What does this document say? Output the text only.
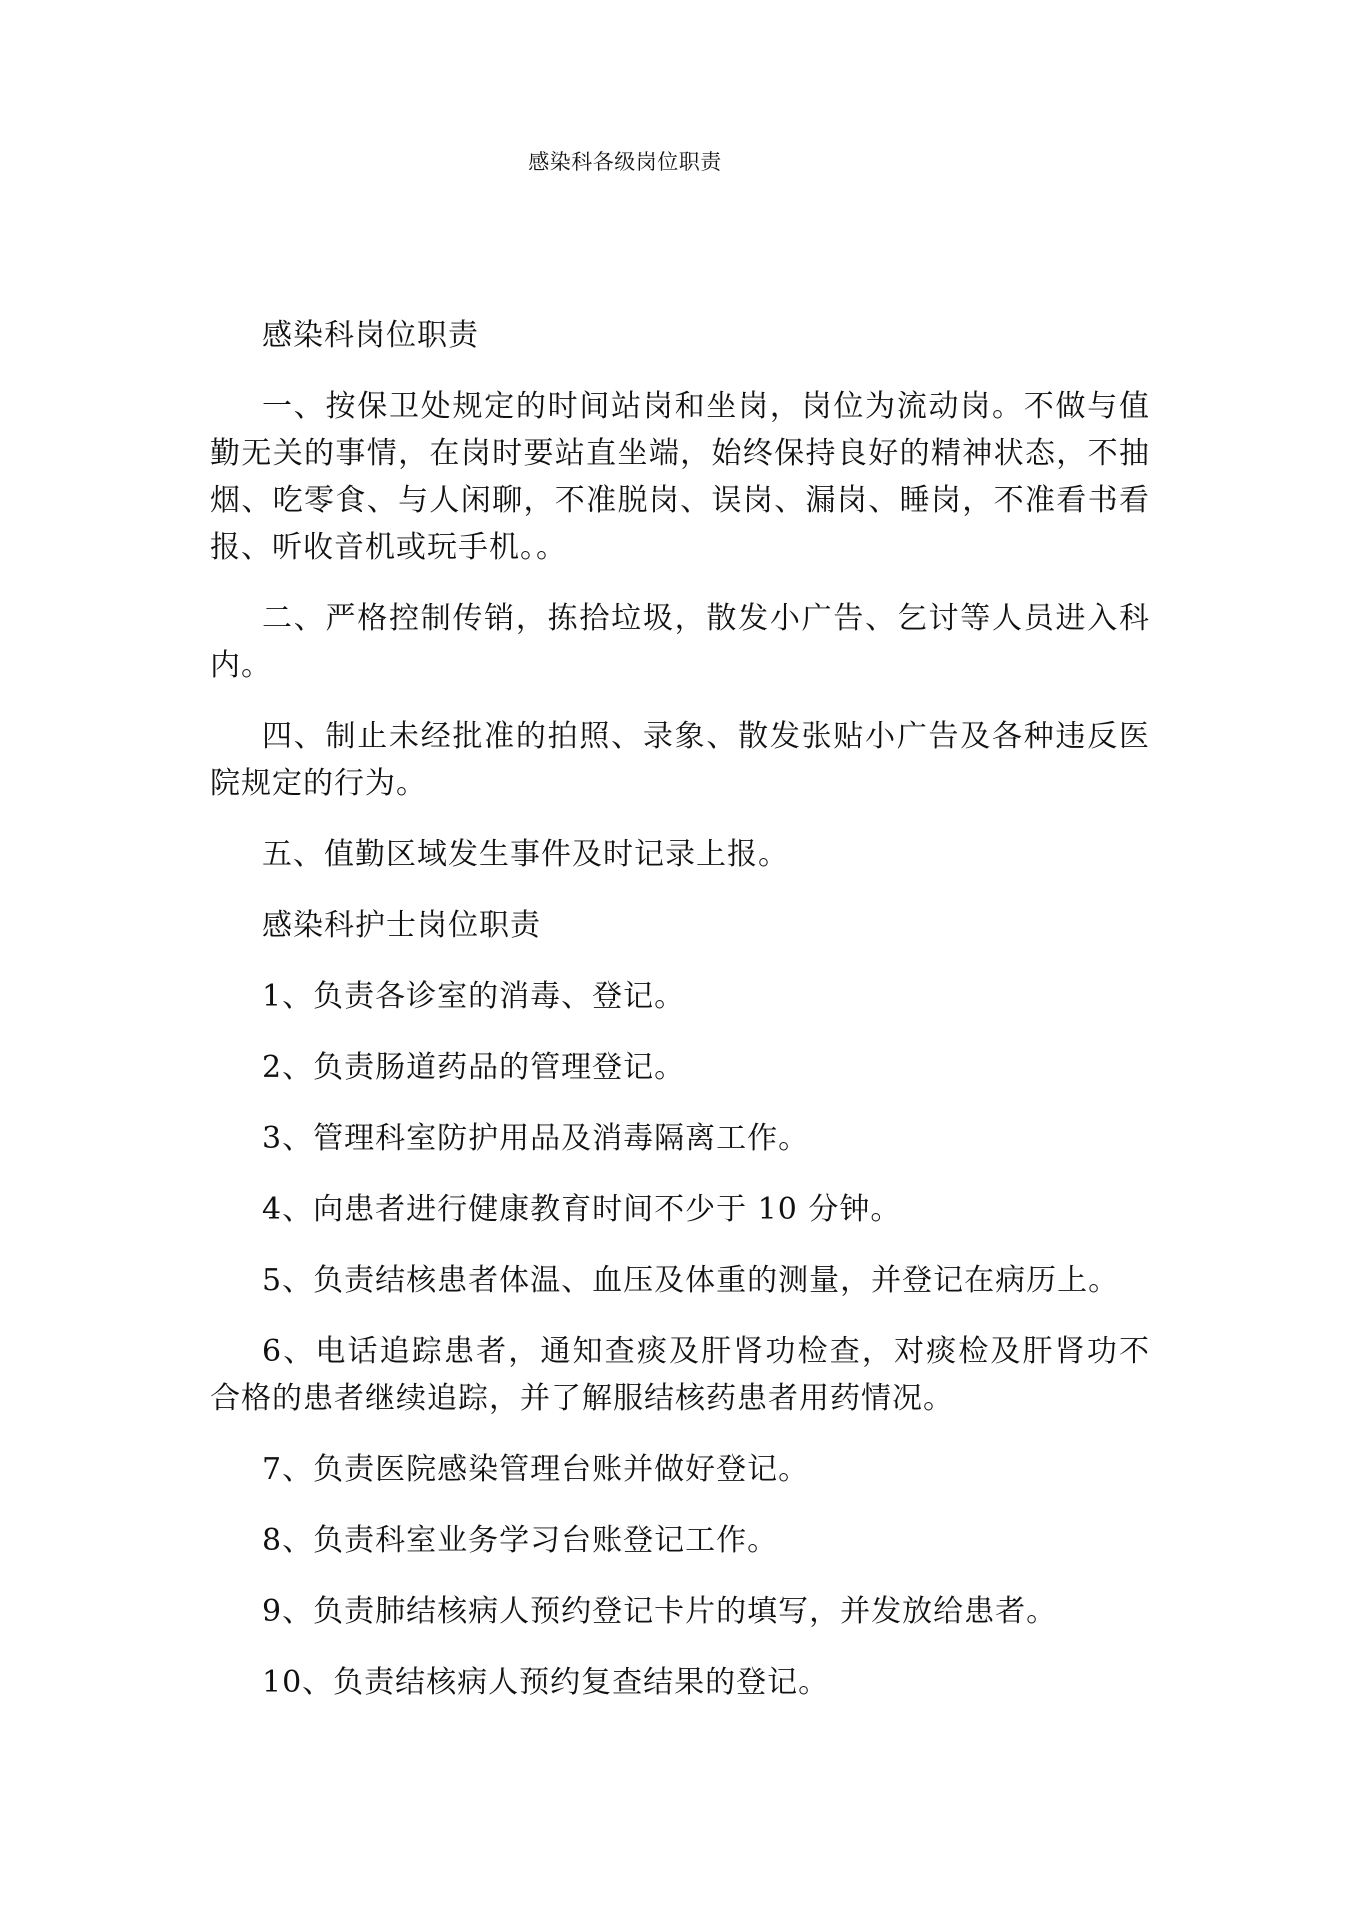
感染科各级岗位职责

感染科岗位职责

一、按保卫处规定的时间站岗和坐岗，岗位为流动岗。不做与值勤无关的事情，在岗时要站直坐端，始终保持良好的精神状态，不抽烟、吃零食、与人闲聊，不准脱岗、误岗、漏岗、睡岗，不准看书看报、听收音机或玩手机。。

二、严格控制传销，拣拾垃圾，散发小广告、乞讨等人员进入科内。

四、制止未经批准的拍照、录象、散发张贴小广告及各种违反医院规定的行为。

五、值勤区域发生事件及时记录上报。

感染科护士岗位职责

1、负责各诊室的消毒、登记。

2、负责肠道药品的管理登记。

3、管理科室防护用品及消毒隔离工作。

4、向患者进行健康教育时间不少于 10 分钟。

5、负责结核患者体温、血压及体重的测量，并登记在病历上。

6、电话追踪患者，通知查痰及肝肾功检查，对痰检及肝肾功不合格的患者继续追踪，并了解服结核药患者用药情况。

7、负责医院感染管理台账并做好登记。

8、负责科室业务学习台账登记工作。

9、负责肺结核病人预约登记卡片的填写，并发放给患者。

10、负责结核病人预约复查结果的登记。
